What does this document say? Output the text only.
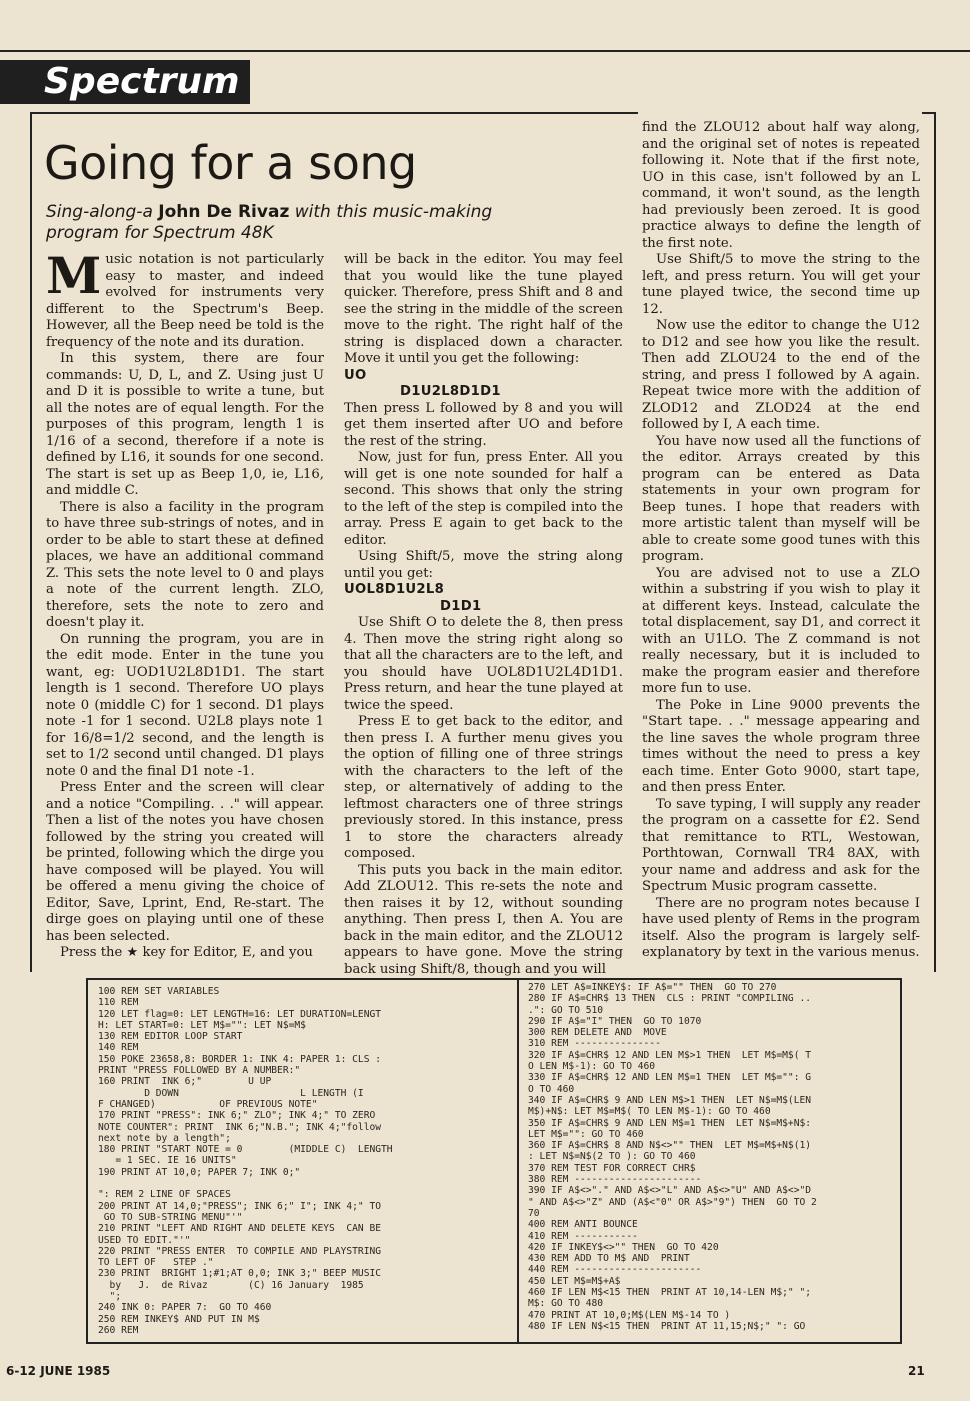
Spectrum
Going for a song
Sing-along-a John De Rivaz with this music-making program for Spectrum 48K

Music notation is not particularly easy to master, and indeed evolved for instruments very different to the Spectrum's Beep. However, all the Beep need be told is the frequency of the note and its duration.

In this system, there are four commands: U, D, L, and Z. Using just U and D it is possible to write a tune, but all the notes are of equal length. For the purposes of this program, length 1 is 1/16 of a second, therefore if a note is defined by L16, it sounds for one second. The start is set up as Beep 1,0, ie, L16, and middle C.

There is also a facility in the program to have three sub-strings of notes, and in order to be able to start these at defined places, we have an additional command Z. This sets the note level to 0 and plays a note of the current length. ZLO, therefore, sets the note to zero and doesn't play it.

On running the program, you are in the edit mode. Enter in the tune you want, eg: UOD1U2L8D1D1. The start length is 1 second. Therefore UO plays note 0 (middle C) for 1 second. D1 plays note -1 for 1 second. U2L8 plays note 1 for 16/8=1/2 second, and the length is set to 1/2 second until changed. D1 plays note 0 and the final D1 note -1.

Press Enter and the screen will clear and a notice "Compiling. . ." will appear. Then a list of the notes you have chosen followed by the string you created will be printed, following which the dirge you have composed will be played. You will be offered a menu giving the choice of Editor, Save, Lprint, End, Re-start. The dirge goes on playing until one of these has been selected.

Press the ★ key for Editor, E, and you

will be back in the editor. You may feel that you would like the tune played quicker. Therefore, press Shift and 8 and see the string in the middle of the screen move to the right. The right half of the string is displaced down a character. Move it until you get the following:

UO

D1U2L8D1D1

Then press L followed by 8 and you will get them inserted after UO and before the rest of the string.

Now, just for fun, press Enter. All you will get is one note sounded for half a second. This shows that only the string to the left of the step is compiled into the array. Press E again to get back to the editor.

Using Shift/5, move the string along until you get:

UOL8D1U2L8

D1D1

Use Shift O to delete the 8, then press 4. Then move the string right along so that all the characters are to the left, and you should have UOL8D1U2L4D1D1. Press return, and hear the tune played at twice the speed.

Press E to get back to the editor, and then press I. A further menu gives you the option of filling one of three strings with the characters to the left of the step, or alternatively of adding to the leftmost characters one of three strings previously stored. In this instance, press 1 to store the characters already composed.

This puts you back in the main editor. Add ZLOU12. This re-sets the note and then raises it by 12, without sounding anything. Then press I, then A. You are back in the main editor, and the ZLOU12 appears to have gone. Move the string back using Shift/8, though and you will

find the ZLOU12 about half way along, and the original set of notes is repeated following it. Note that if the first note, UO in this case, isn't followed by an L command, it won't sound, as the length had previously been zeroed. It is good practice always to define the length of the first note.

Use Shift/5 to move the string to the left, and press return. You will get your tune played twice, the second time up 12.

Now use the editor to change the U12 to D12 and see how you like the result. Then add ZLOU24 to the end of the string, and press I followed by A again. Repeat twice more with the addition of ZLOD12 and ZLOD24 at the end followed by I, A each time.

You have now used all the functions of the editor. Arrays created by this program can be entered as Data statements in your own program for Beep tunes. I hope that readers with more artistic talent than myself will be able to create some good tunes with this program.

You are advised not to use a ZLO within a substring if you wish to play it at different keys. Instead, calculate the total displacement, say D1, and correct it with an U1LO. The Z command is not really necessary, but it is included to make the program easier and therefore more fun to use.

The Poke in Line 9000 prevents the "Start tape. . ." message appearing and the line saves the whole program three times without the need to press a key each time. Enter Goto 9000, start tape, and then press Enter.

To save typing, I will supply any reader the program on a cassette for £2. Send that remittance to RTL, Westowan, Porthtowan, Cornwall TR4 8AX, with your name and address and ask for the Spectrum Music program cassette.

There are no program notes because I have used plenty of Rems in the program itself. Also the program is largely self-explanatory by text in the various menus.

100 REM SET VARIABLES
110 REM
120 LET flag=0: LET LENGTH=16: LET DURATION=LENGT
H: LET START=0: LET M$="": LET N$=M$
130 REM EDITOR LOOP START
140 REM
150 POKE 23658,8: BORDER 1: INK 4: PAPER 1: CLS :
PRINT "PRESS FOLLOWED BY A NUMBER:"
160 PRINT  INK 6;"        U UP
D DOWN                     L LENGTH (I
F CHANGED)           OF PREVIOUS NOTE"
170 PRINT "PRESS": INK 6;" ZLO"; INK 4;" TO ZERO
NOTE COUNTER": PRINT  INK 6;"N.B."; INK 4;"follow
next note by a length";
180 PRINT "START NOTE = 0        (MIDDLE C)  LENGTH
= 1 SEC. IE 16 UNITS"
190 PRINT AT 10,0; PAPER 7; INK 0;"

": REM 2 LINE OF SPACES
200 PRINT AT 14,0;"PRESS"; INK 6;" I"; INK 4;" TO
GO TO SUB-STRING MENU"'"
210 PRINT "LEFT AND RIGHT AND DELETE KEYS  CAN BE
USED TO EDIT."'"
220 PRINT "PRESS ENTER  TO COMPILE AND PLAYSTRING
TO LEFT OF   STEP ."
230 PRINT  BRIGHT 1;#1;AT 0,0; INK 3;" BEEP MUSIC
by   J.  de Rivaz       (C) 16 January  1985
";
240 INK 0: PAPER 7:  GO TO 460
250 REM INKEY$ AND PUT IN M$
260 REM
270 LET A$=INKEY$: IF A$="" THEN  GO TO 270
280 IF A$=CHR$ 13 THEN  CLS : PRINT "COMPILING ..
.": GO TO 510
290 IF A$="I" THEN  GO TO 1070
300 REM DELETE AND  MOVE
310 REM ---------------
320 IF A$=CHR$ 12 AND LEN M$>1 THEN  LET M$=M$( T
O LEN M$-1): GO TO 460
330 IF A$=CHR$ 12 AND LEN M$=1 THEN  LET M$="": G
O TO 460
340 IF A$=CHR$ 9 AND LEN M$>1 THEN  LET N$=M$(LEN
M$)+N$: LET M$=M$( TO LEN M$-1): GO TO 460
350 IF A$=CHR$ 9 AND LEN M$=1 THEN  LET N$=M$+N$:
LET M$="": GO TO 460
360 IF A$=CHR$ 8 AND N$<>"" THEN  LET M$=M$+N$(1)
: LET N$=N$(2 TO ): GO TO 460
370 REM TEST FOR CORRECT CHR$
380 REM ----------------------
390 IF A$<>"." AND A$<>"L" AND A$<>"U" AND A$<>"D
" AND A$<>"Z" AND (A$<"0" OR A$>"9") THEN  GO TO 2
70
400 REM ANTI BOUNCE
410 REM -----------
420 IF INKEY$<>"" THEN  GO TO 420
430 REM ADD TO M$ AND  PRINT
440 REM ----------------------
450 LET M$=M$+A$
460 IF LEN M$<15 THEN  PRINT AT 10,14-LEN M$;" ";
M$: GO TO 480
470 PRINT AT 10,0;M$(LEN M$-14 TO )
480 IF LEN N$<15 THEN  PRINT AT 11,15;N$;" ": GO
6-12 JUNE 1985	21
